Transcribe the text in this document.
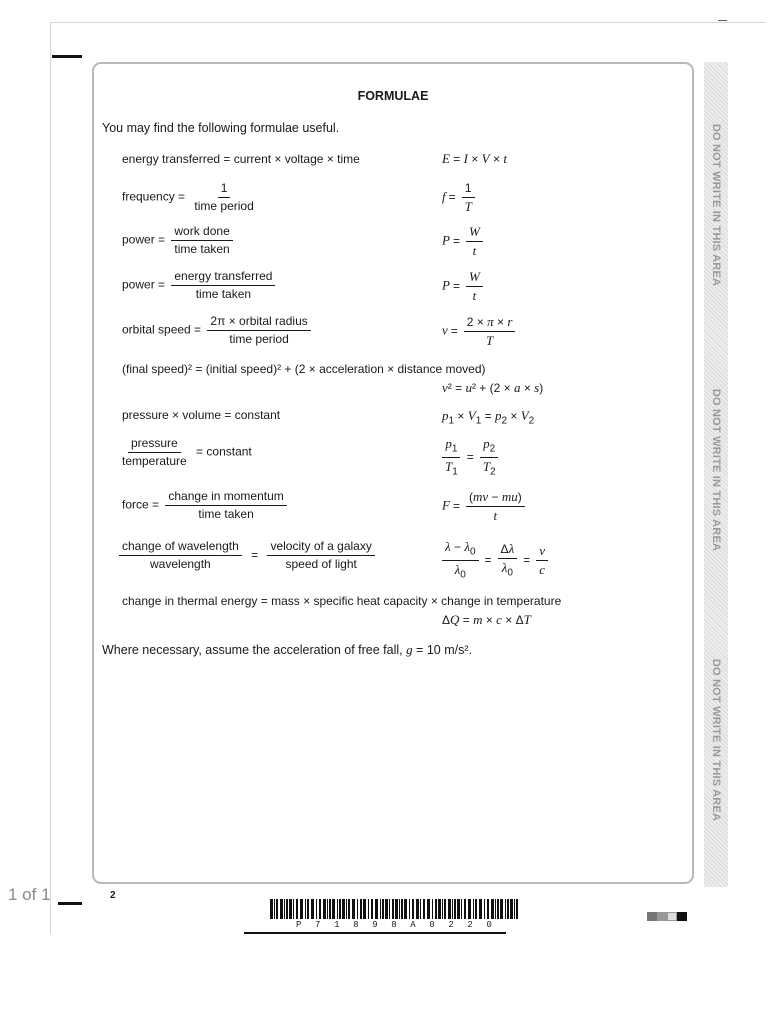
1 of 1	2
FORMULAE
You may find the following formulae useful.
energy transferred = current × voltage × time	E = I × V × t
frequency = $\frac{1}{\text{time period}}$	$f = \frac{1}{T}$
power = $\frac{\text{work done}}{\text{time taken}}$	$P = \frac{W}{t}$
power = $\frac{\text{energy transferred}}{\text{time taken}}$	$P = \frac{W}{t}$
orbital speed = $\frac{\text{2π × orbital radius}}{\text{time period}}$	$v = \frac{2 \times \pi \times r}{T}$
(final speed)² = (initial speed)² + (2 × acceleration × distance moved)
v² = u² + (2 × a × s)
pressure × volume = constant	$p_1 \times V_1 = p_2 \times V_2$
$\frac{\text{pressure}}{\text{temperature}}$ = constant	$\frac{p_1}{T_1} = \frac{p_2}{T_2}$
force = $\frac{\text{change in momentum}}{\text{time taken}}$	$F = \frac{(mv - mu)}{t}$
$\frac{\text{change of wavelength}}{\text{wavelength}} = \frac{\text{velocity of a galaxy}}{\text{speed of light}}$	$\frac{\lambda - \lambda_0}{\lambda_0} = \frac{\Delta\lambda}{\lambda_0} = \frac{v}{c}$
change in thermal energy = mass × specific heat capacity × change in temperature
ΔQ = m × c × ΔT
Where necessary, assume the acceleration of free fall, g = 10 m/s².
DO NOT WRITE IN THIS AREA
DO NOT WRITE IN THIS AREA
DO NOT WRITE IN THIS AREA
P 7 1 8 9 8 A 0 2 2 0
